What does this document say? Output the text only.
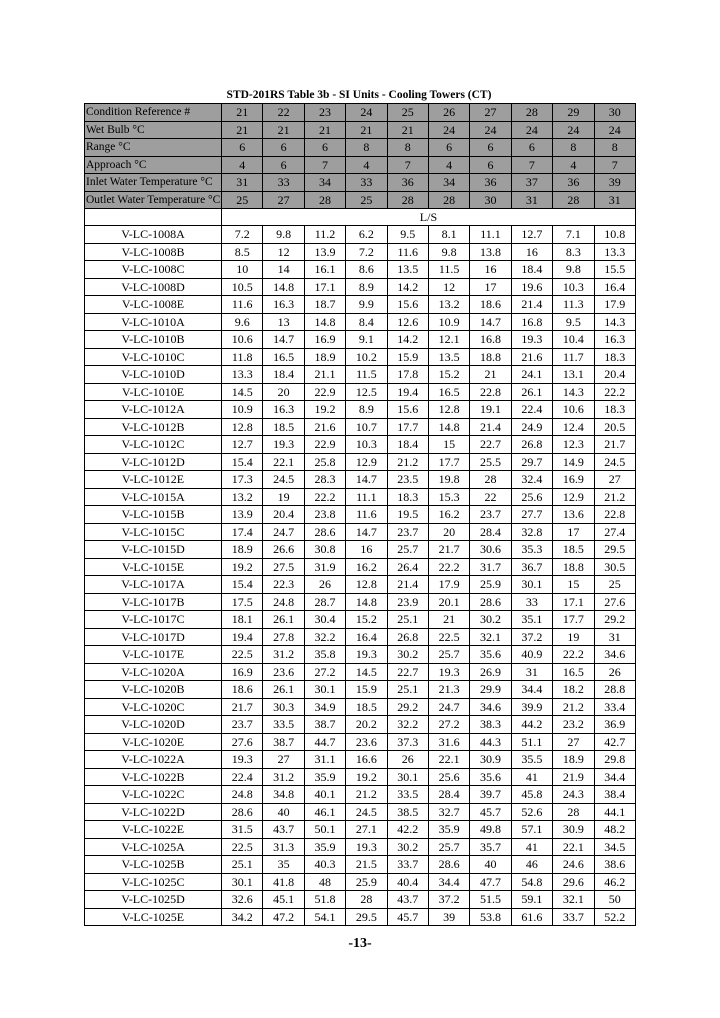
STD-201RS Table 3b - SI Units - Cooling Towers (CT)
Condition Reference #	21	22	23	24	25	26	27	28	29	30
Wet Bulb °C	21	21	21	21	21	24	24	24	24	24
Range °C	6	6	6	8	8	6	6	6	8	8
Approach °C	4	6	7	4	7	4	6	7	4	7
Inlet Water Temperature °C	31	33	34	33	36	34	36	37	36	39
Outlet Water Temperature °C	25	27	28	25	28	28	30	31	28	31
	L/S									
V-LC-1008A	7.2	9.8	11.2	6.2	9.5	8.1	11.1	12.7	7.1	10.8
V-LC-1008B	8.5	12	13.9	7.2	11.6	9.8	13.8	16	8.3	13.3
V-LC-1008C	10	14	16.1	8.6	13.5	11.5	16	18.4	9.8	15.5
V-LC-1008D	10.5	14.8	17.1	8.9	14.2	12	17	19.6	10.3	16.4
V-LC-1008E	11.6	16.3	18.7	9.9	15.6	13.2	18.6	21.4	11.3	17.9
V-LC-1010A	9.6	13	14.8	8.4	12.6	10.9	14.7	16.8	9.5	14.3
V-LC-1010B	10.6	14.7	16.9	9.1	14.2	12.1	16.8	19.3	10.4	16.3
V-LC-1010C	11.8	16.5	18.9	10.2	15.9	13.5	18.8	21.6	11.7	18.3
V-LC-1010D	13.3	18.4	21.1	11.5	17.8	15.2	21	24.1	13.1	20.4
V-LC-1010E	14.5	20	22.9	12.5	19.4	16.5	22.8	26.1	14.3	22.2
V-LC-1012A	10.9	16.3	19.2	8.9	15.6	12.8	19.1	22.4	10.6	18.3
V-LC-1012B	12.8	18.5	21.6	10.7	17.7	14.8	21.4	24.9	12.4	20.5
V-LC-1012C	12.7	19.3	22.9	10.3	18.4	15	22.7	26.8	12.3	21.7
V-LC-1012D	15.4	22.1	25.8	12.9	21.2	17.7	25.5	29.7	14.9	24.5
V-LC-1012E	17.3	24.5	28.3	14.7	23.5	19.8	28	32.4	16.9	27
V-LC-1015A	13.2	19	22.2	11.1	18.3	15.3	22	25.6	12.9	21.2
V-LC-1015B	13.9	20.4	23.8	11.6	19.5	16.2	23.7	27.7	13.6	22.8
V-LC-1015C	17.4	24.7	28.6	14.7	23.7	20	28.4	32.8	17	27.4
V-LC-1015D	18.9	26.6	30.8	16	25.7	21.7	30.6	35.3	18.5	29.5
V-LC-1015E	19.2	27.5	31.9	16.2	26.4	22.2	31.7	36.7	18.8	30.5
V-LC-1017A	15.4	22.3	26	12.8	21.4	17.9	25.9	30.1	15	25
V-LC-1017B	17.5	24.8	28.7	14.8	23.9	20.1	28.6	33	17.1	27.6
V-LC-1017C	18.1	26.1	30.4	15.2	25.1	21	30.2	35.1	17.7	29.2
V-LC-1017D	19.4	27.8	32.2	16.4	26.8	22.5	32.1	37.2	19	31
V-LC-1017E	22.5	31.2	35.8	19.3	30.2	25.7	35.6	40.9	22.2	34.6
V-LC-1020A	16.9	23.6	27.2	14.5	22.7	19.3	26.9	31	16.5	26
V-LC-1020B	18.6	26.1	30.1	15.9	25.1	21.3	29.9	34.4	18.2	28.8
V-LC-1020C	21.7	30.3	34.9	18.5	29.2	24.7	34.6	39.9	21.2	33.4
V-LC-1020D	23.7	33.5	38.7	20.2	32.2	27.2	38.3	44.2	23.2	36.9
V-LC-1020E	27.6	38.7	44.7	23.6	37.3	31.6	44.3	51.1	27	42.7
V-LC-1022A	19.3	27	31.1	16.6	26	22.1	30.9	35.5	18.9	29.8
V-LC-1022B	22.4	31.2	35.9	19.2	30.1	25.6	35.6	41	21.9	34.4
V-LC-1022C	24.8	34.8	40.1	21.2	33.5	28.4	39.7	45.8	24.3	38.4
V-LC-1022D	28.6	40	46.1	24.5	38.5	32.7	45.7	52.6	28	44.1
V-LC-1022E	31.5	43.7	50.1	27.1	42.2	35.9	49.8	57.1	30.9	48.2
V-LC-1025A	22.5	31.3	35.9	19.3	30.2	25.7	35.7	41	22.1	34.5
V-LC-1025B	25.1	35	40.3	21.5	33.7	28.6	40	46	24.6	38.6
V-LC-1025C	30.1	41.8	48	25.9	40.4	34.4	47.7	54.8	29.6	46.2
V-LC-1025D	32.6	45.1	51.8	28	43.7	37.2	51.5	59.1	32.1	50
V-LC-1025E	34.2	47.2	54.1	29.5	45.7	39	53.8	61.6	33.7	52.2
-13-
